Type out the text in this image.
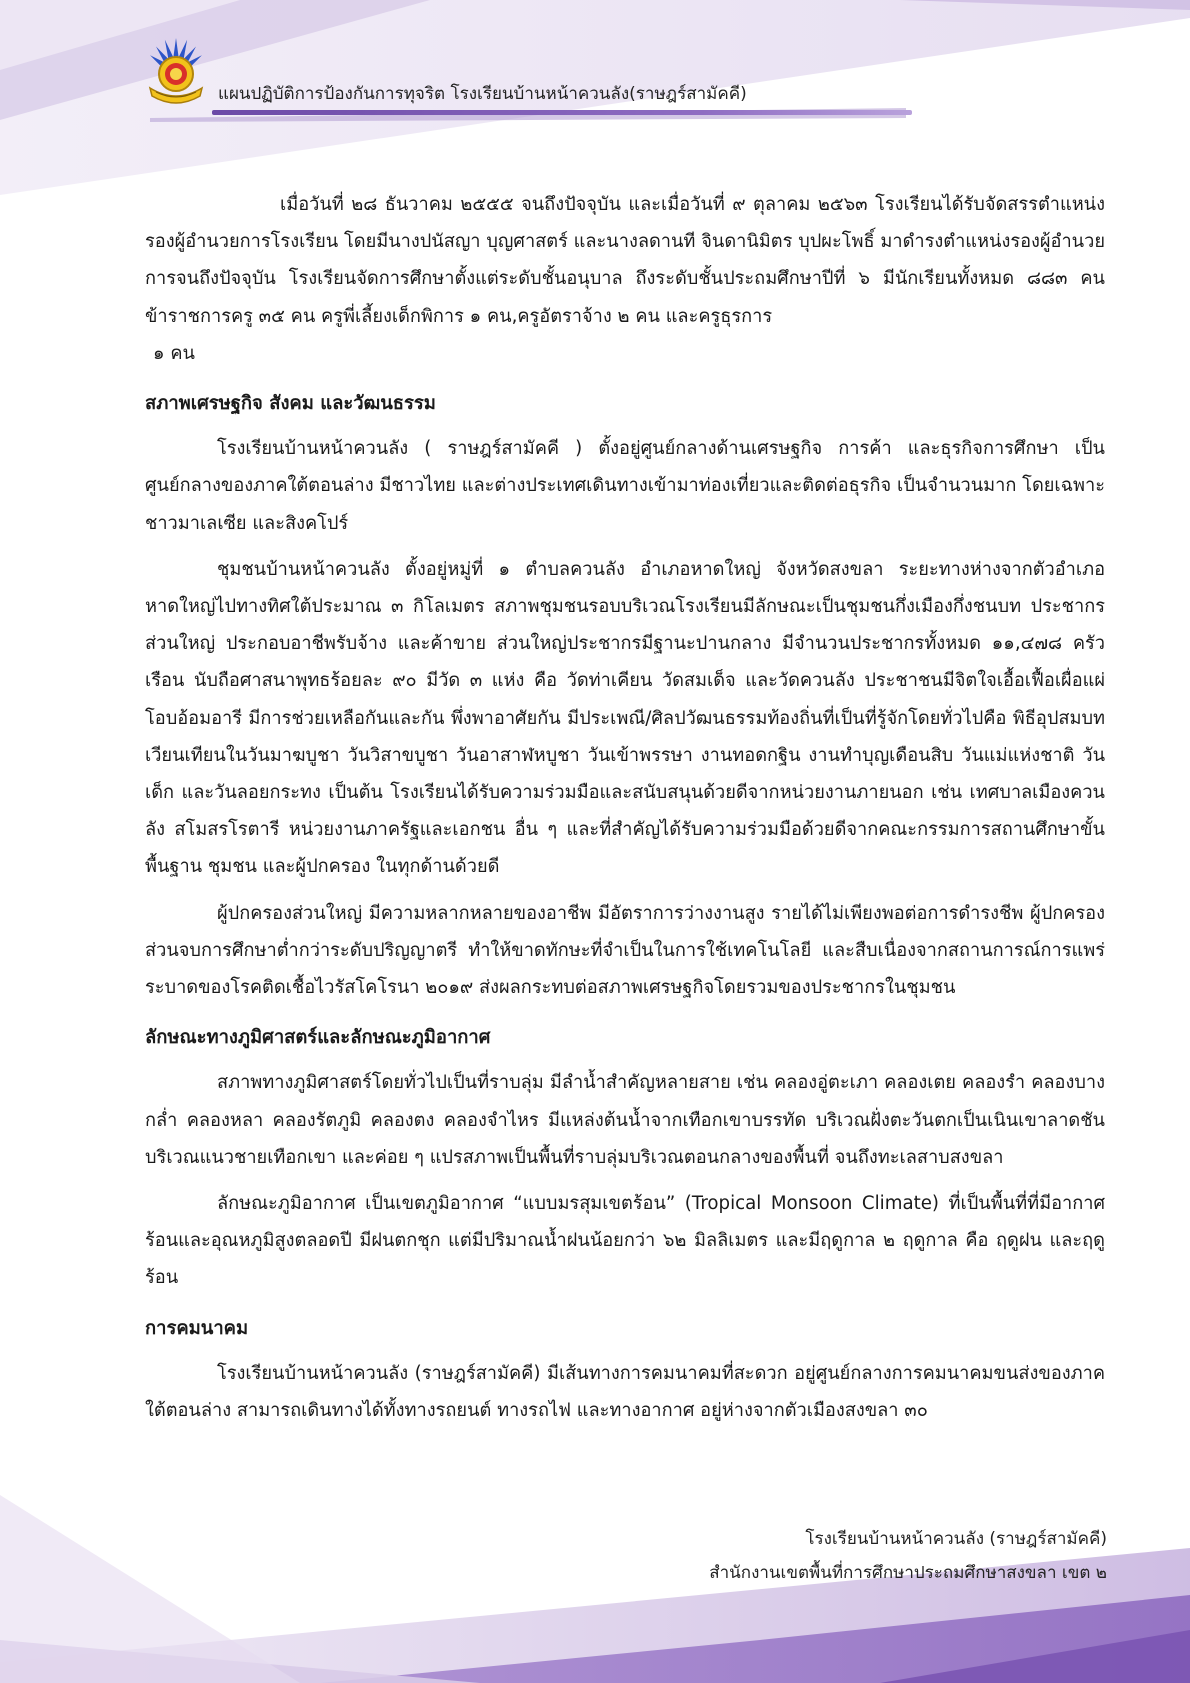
แผนปฏิบัติการป้องกันการทุจริต โรงเรียนบ้านหน้าควนลัง(ราษฎร์สามัคคี)

เมื่อวันที่ ๒๘ ธันวาคม ๒๕๕๕ จนถึงปัจจุบัน และเมื่อวันที่ ๙ ตุลาคม ๒๕๖๓ โรงเรียนได้รับจัดสรรตำแหน่งรองผู้อำนวยการโรงเรียน โดยมีนางปนัสญา บุญศาสตร์ และนางลดานที จินดานิมิตร บุปผะโพธิ์ มาดำรงตำแหน่งรองผู้อำนวยการจนถึงปัจจุบัน โรงเรียนจัดการศึกษาตั้งแต่ระดับชั้นอนุบาล ถึงระดับชั้นประถมศึกษาปีที่ ๖ มีนักเรียนทั้งหมด ๘๘๓ คน ข้าราชการครู ๓๕ คน ครูพี่เลี้ยงเด็กพิการ ๑ คน,ครูอัตราจ้าง ๒ คน และครูธุรการ

๑ คน

สภาพเศรษฐกิจ สังคม และวัฒนธรรม

โรงเรียนบ้านหน้าควนลัง ( ราษฎร์สามัคคี ) ตั้งอยู่ศูนย์กลางด้านเศรษฐกิจ การค้า และธุรกิจการศึกษา เป็นศูนย์กลางของภาคใต้ตอนล่าง มีชาวไทย และต่างประเทศเดินทางเข้ามาท่องเที่ยวและติดต่อธุรกิจ เป็นจำนวนมาก โดยเฉพาะชาวมาเลเซีย และสิงคโปร์

ชุมชนบ้านหน้าควนลัง ตั้งอยู่หมู่ที่ ๑ ตำบลควนลัง อำเภอหาดใหญ่ จังหวัดสงขลา ระยะทางห่างจากตัวอำเภอหาดใหญ่ไปทางทิศใต้ประมาณ ๓ กิโลเมตร สภาพชุมชนรอบบริเวณโรงเรียนมีลักษณะเป็นชุมชนกึ่งเมืองกึ่งชนบท ประชากรส่วนใหญ่ ประกอบอาชีพรับจ้าง และค้าขาย ส่วนใหญ่ประชากรมีฐานะปานกลาง มีจำนวนประชากรทั้งหมด ๑๑,๔๗๘ ครัวเรือน นับถือศาสนาพุทธร้อยละ ๙๐ มีวัด ๓ แห่ง คือ วัดท่าเคียน วัดสมเด็จ และวัดควนลัง ประชาชนมีจิตใจเอื้อเฟื้อเผื่อแผ่ โอบอ้อมอารี มีการช่วยเหลือกันและกัน พึ่งพาอาศัยกัน มีประเพณี/ศิลปวัฒนธรรมท้องถิ่นที่เป็นที่รู้จักโดยทั่วไปคือ พิธีอุปสมบท เวียนเทียนในวันมาฆบูชา วันวิสาขบูชา วันอาสาฬหบูชา วันเข้าพรรษา งานทอดกฐิน งานทำบุญเดือนสิบ วันแม่แห่งชาติ วันเด็ก และวันลอยกระทง เป็นต้น โรงเรียนได้รับความร่วมมือและสนับสนุนด้วยดีจากหน่วยงานภายนอก เช่น เทศบาลเมืองควนลัง สโมสรโรตารี หน่วยงานภาครัฐและเอกชน อื่น ๆ และที่สำคัญได้รับความร่วมมือด้วยดีจากคณะกรรมการสถานศึกษาขั้นพื้นฐาน ชุมชน และผู้ปกครอง ในทุกด้านด้วยดี

ผู้ปกครองส่วนใหญ่ มีความหลากหลายของอาชีพ มีอัตราการว่างงานสูง รายได้ไม่เพียงพอต่อการดำรงชีพ ผู้ปกครองส่วนจบการศึกษาต่ำกว่าระดับปริญญาตรี ทำให้ขาดทักษะที่จำเป็นในการใช้เทคโนโลยี และสืบเนื่องจากสถานการณ์การแพร่ระบาดของโรคติดเชื้อไวรัสโคโรนา ๒๐๑๙ ส่งผลกระทบต่อสภาพเศรษฐกิจโดยรวมของประชากรในชุมชน

ลักษณะทางภูมิศาสตร์และลักษณะภูมิอากาศ

สภาพทางภูมิศาสตร์โดยทั่วไปเป็นที่ราบลุ่ม มีลำน้ำสำคัญหลายสาย เช่น คลองอู่ตะเภา คลองเตย คลองรำ คลองบางกล่ำ คลองหลา คลองรัตภูมิ คลองตง คลองจำไหร มีแหล่งต้นน้ำจากเทือกเขาบรรทัด บริเวณฝั่งตะวันตกเป็นเนินเขาลาดชันบริเวณแนวชายเทือกเขา และค่อย ๆ แปรสภาพเป็นพื้นที่ราบลุ่มบริเวณตอนกลางของพื้นที่ จนถึงทะเลสาบสงขลา

ลักษณะภูมิอากาศ เป็นเขตภูมิอากาศ “แบบมรสุมเขตร้อน” (Tropical Monsoon Climate) ที่เป็นพื้นที่ที่มีอากาศร้อนและอุณหภูมิสูงตลอดปี มีฝนตกชุก แต่มีปริมาณน้ำฝนน้อยกว่า ๖๒ มิลลิเมตร และมีฤดูกาล ๒ ฤดูกาล คือ ฤดูฝน และฤดูร้อน

การคมนาคม

โรงเรียนบ้านหน้าควนลัง (ราษฎร์สามัคคี) มีเส้นทางการคมนาคมที่สะดวก อยู่ศูนย์กลางการคมนาคมขนส่งของภาคใต้ตอนล่าง สามารถเดินทางได้ทั้งทางรถยนต์ ทางรถไฟ และทางอากาศ อยู่ห่างจากตัวเมืองสงขลา ๓๐

โรงเรียนบ้านหน้าควนลัง (ราษฎร์สามัคคี)
สำนักงานเขตพื้นที่การศึกษาประถมศึกษาสงขลา เขต ๒
